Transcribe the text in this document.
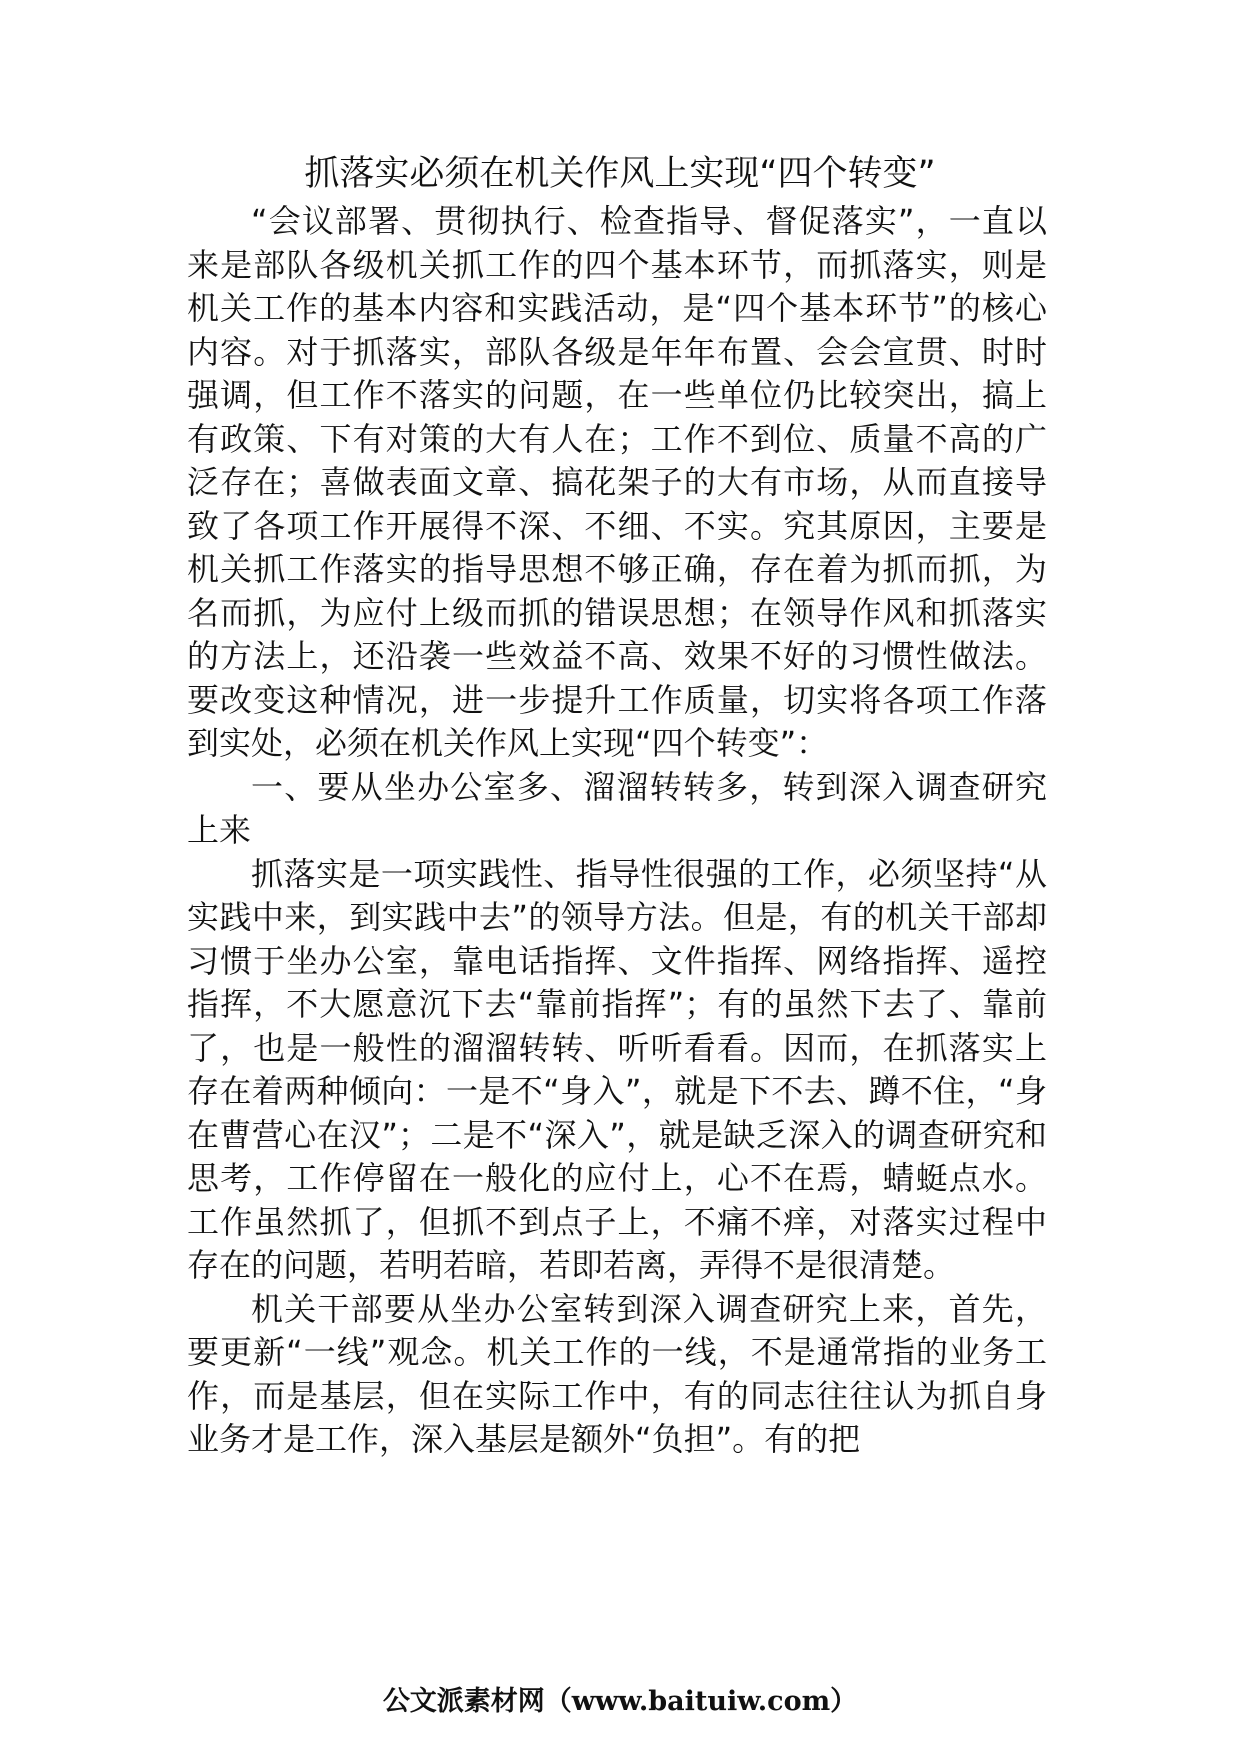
抓落实必须在机关作风上实现“四个转变”

“会议部署、贯彻执行、检查指导、督促落实”，一直以来是部队各级机关抓工作的四个基本环节，而抓落实，则是机关工作的基本内容和实践活动，是“四个基本环节”的核心内容。对于抓落实，部队各级是年年布置、会会宣贯、时时强调，但工作不落实的问题，在一些单位仍比较突出，搞上有政策、下有对策的大有人在；工作不到位、质量不高的广泛存在；喜做表面文章、搞花架子的大有市场，从而直接导致了各项工作开展得不深、不细、不实。究其原因，主要是机关抓工作落实的指导思想不够正确，存在着为抓而抓，为名而抓，为应付上级而抓的错误思想；在领导作风和抓落实的方法上，还沿袭一些效益不高、效果不好的习惯性做法。要改变这种情况，进一步提升工作质量，切实将各项工作落到实处，必须在机关作风上实现“四个转变”：

一、要从坐办公室多、溜溜转转多，转到深入调查研究上来

抓落实是一项实践性、指导性很强的工作，必须坚持“从实践中来，到实践中去”的领导方法。但是，有的机关干部却习惯于坐办公室，靠电话指挥、文件指挥、网络指挥、遥控指挥，不大愿意沉下去“靠前指挥”；有的虽然下去了、靠前了，也是一般性的溜溜转转、听听看看。因而，在抓落实上存在着两种倾向：一是不“身入”，就是下不去、蹲不住，“身在曹营心在汉”；二是不“深入”，就是缺乏深入的调查研究和思考，工作停留在一般化的应付上，心不在焉，蜻蜓点水。工作虽然抓了，但抓不到点子上，不痛不痒，对落实过程中存在的问题，若明若暗，若即若离，弄得不是很清楚。

机关干部要从坐办公室转到深入调查研究上来，首先，要更新“一线”观念。机关工作的一线，不是通常指的业务工作，而是基层，但在实际工作中，有的同志往往认为抓自身业务才是工作，深入基层是额外“负担”。有的把

公文派素材网（www.baituiw.com）
